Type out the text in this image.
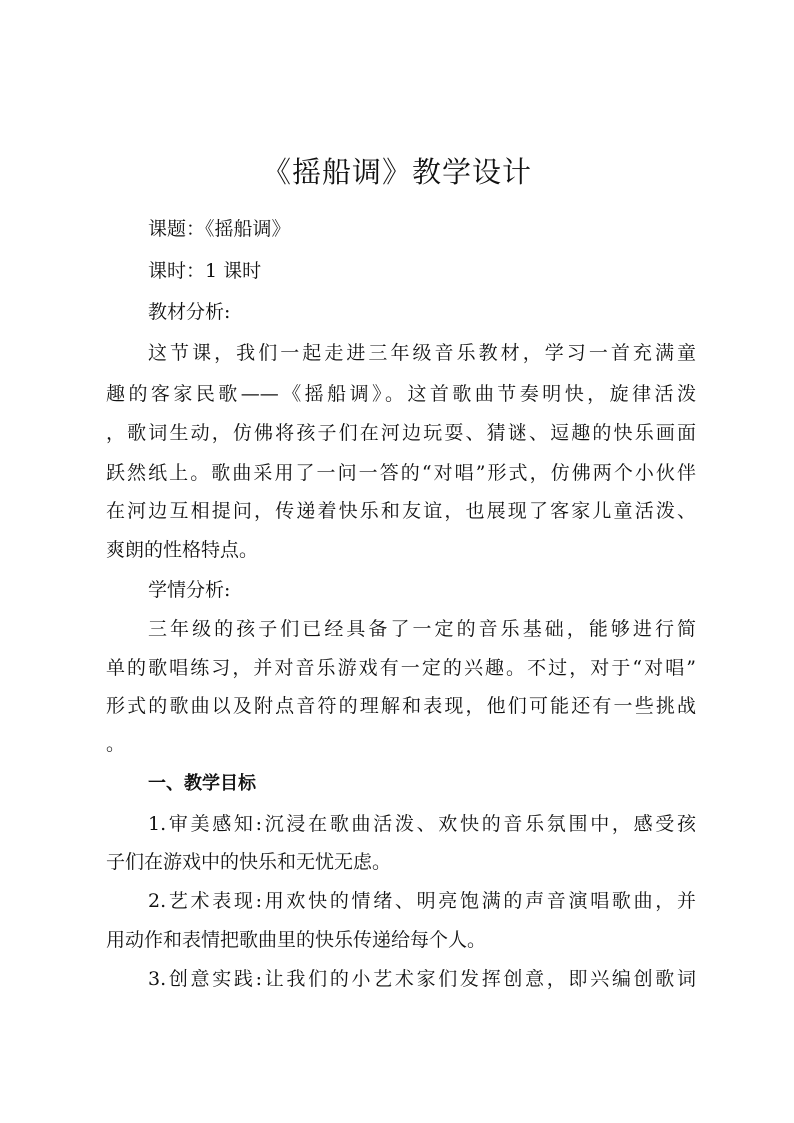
《摇船调》教学设计

课题：《摇船调》

课时：1 课时

教材分析:

这节课，我们一起走进三年级音乐教材，学习一首充满童

趣的客家民歌——《摇船调》。这首歌曲节奏明快，旋律活泼

，歌词生动，仿佛将孩子们在河边玩耍、猜谜、逗趣的快乐画面

跃然纸上。歌曲采用了一问一答的“对唱”形式，仿佛两个小伙伴

在河边互相提问，传递着快乐和友谊，也展现了客家儿童活泼、

爽朗的性格特点。

学情分析:

三年级的孩子们已经具备了一定的音乐基础，能够进行简

单的歌唱练习，并对音乐游戏有一定的兴趣。不过，对于“对唱”

形式的歌曲以及附点音符的理解和表现，他们可能还有一些挑战

。

一、教学目标

1.审美感知:沉浸在歌曲活泼、欢快的音乐氛围中，感受孩

子们在游戏中的快乐和无忧无虑。

2.艺术表现:用欢快的情绪、明亮饱满的声音演唱歌曲，并

用动作和表情把歌曲里的快乐传递给每个人。

3.创意实践:让我们的小艺术家们发挥创意，即兴编创歌词
